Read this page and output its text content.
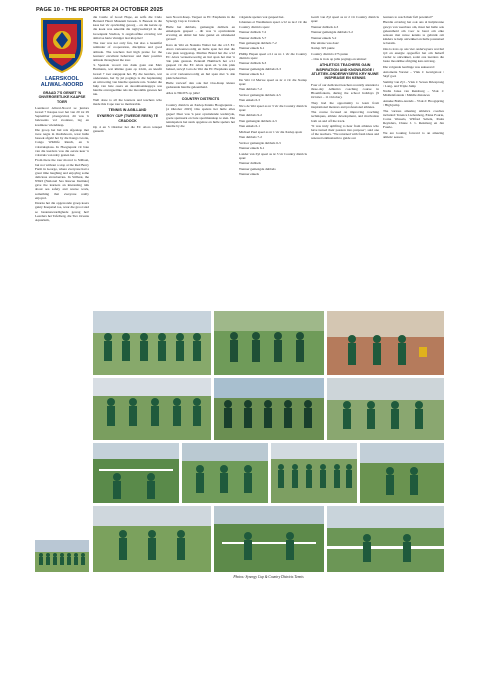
PAGE 10 - THE REPORTER 24 OCTOBER 2025
LAERSKOOL ALIWAL-NOORD
GRAAD 7'S GENIET 'N ONVERGEETLIKE KAAPSE TOER

Laerskool Aliwal-Noord se juniors Graad 7 Kaapse toer het van 20 tot 29 September plaasgevind, dit was 'n belewenis vol avonture, lag en kosmiese vriendskap.

Die groep het hul reis afgeskop met twee nagte in Oudtshoorn, waar hulle besoek afgelê het by die Kango Grotte, Cango Wildlife Ranch, en 'n volstruisplaas. In Hoogtepunt vir baie van die leerders was die eerste keer 'n volstruis van naby gesien het.

From there the tour moved to Stilbaai, but not without a stop at the Red Berry Farm in George, where everyone had a great time laughing and enjoying some delicious strawberries. In Stilbaai, the NSRI (National Sea Rescue Institute) gave the learners an interesting talk about sea safety and rescue work, something that everyone really enjoyed.

Daarna het die opgewonde groep koers gekry Kaapstad toe, waar die groot stad se besienswaardighede gewag het! Leerders het Tafelberg, die Two Oceans Aquarium,

die Castle of Good Hope, en selfs die Cielo Bernard Heart Museum besoek. 'n Besoek in die kaas het vir opwinding gesorg – en die kersie op die koek was sekerlik die rugbywedstryd in die Groenpunt Stadion, 'n ongelooflike ervaring wat almal se harte vinniger laat klop het!

The tour was not only fun, but also a beautiful reminder of cooperation, discipline and good attitude. The teachers had high praise for the learners' excellent behaviour and their positive attitude throughout the tour.

'n Spesiale woord van dank gaan aan Mev Hermann, wat kliënte gaan op 22cm, en kiesfit Graad 7 toer aangepak het. By die leerders, wat ondersteun, het by jul pogings is die beplanning en uitvoering van hierdie spesiale reis. Sonder die hulp van baie ouers en skoolmaatskappye sou hierdie onvergeetlike reis nie moontlik gewees het nie.

Well done to all the learners and teachers who made this Cape tour so memorable.

TENNIS IN AGB-LAND
SYNERGY CUP (TWEEDE REEN) TE CRADOCK

Op 4 en 5 Oktober het die EC Alors tenspel geneem

teen Noord-Kaap. Vergeet as EC Elephants in die Synergy Cup te Cradock.

Hulle het dubbels, gemengde dubbels en enkelspele gespeel – dit was 'n opwindende ervaring en almal het baie geniet en uitstekend gevaar!

Kara de Wet en Natasha Walter het die o/13 EC Alors verteenwoordig en hulle span het met die 1ste plek weggestap. Marlize Brand het die o/12 EC Alors verteenwoordig en hul span het met 'n 3de plek gestaan. Pennald Humbach het o/11 gespeel vir die EC Alors span en 'n 2de plek behaal, terwyl Lara de Wet die EC Elephants span as o/12 verteenwoordig en hul span met 'n 4de plek behaal het.

Hulle verwerf dan ook hul Oos-Kaap kleure gedurende hierdie geleentheid.

Alles is TROTS op julle!

COUNTRY DISTRICTS

Country districts en Xariep-Tennis Hoogtepunte – (4 Oktober 2025) Ons spelers het hulle alles gegee! Daar was 'n paar opwindende wedstryde, goeie spanwerk en baie sportmanskap te sien. Die tennispelers het sterk opgetree en hulle spelers het hierdie by die

volgende spelers wat gespeel het.

Johannes et Westhuizen speel o/12 as nr.2 vir die Country districts span:

Wenner dubbels 7-2

Wenner dubbels 5-7

Wen gemengde dubbels 7-2

Wenner enkels 6-1

Phillip Hepen speel o/11 as nr. 1 vir die Country districts span:

Wenner dubbels 6-3

Wenner gemengde dubbels 6-3

Wenner enkels 6-1

De Wet vd Merwe speel as nr 4 vir die Xariep span:

Wen dubbels 7-2

Verloor gemengde dubbels 4-5

Wen enkels 6-3

Nico de Wet speel as nr 3 vir die Country districts span:

Wen dubbels 9-2

Wen gemengde dubbels 4-3

Wen enkels 6-1

Michael Paul speel as nr 1 vir die Xariep span:

Wen dubbels 7-2

Verloor gemengde dubbels 6-3

Wenner enkels 6-1

Lander van Zyl speel as nr 3 vir Country districts span:

Wenner dubbels

Wenner gemengde dubbels

Wenner enkels

Gerrit van Zyl speel as nr 2 vir Country districts span:

Wenner dubbels 4-3

Wenner gemengde dubbels 5-2

Wenner enkels 5-2

Die uitslae was daar:

Xariep 325 punte

Country districts 275 punte

– Ons is trots op julle pogings en uitslae!

ATHLETICS TEACHERS GAIN INSPIRATION AND KNOWLEDGE / ATLETIEK-ONDERWYSERS KRY NUWE INSPIRASIE EN KENNIS

Four of our dedicated teachers recently attended a three-day Athletics coaching course in Bloemfontein, during the school holidays (9 October – 11 October).

They had the opportunity to learn from inspirational mentors and professional athletes.

The course focused on improving coaching techniques, athlete development, and motivation both on and off the track.

"It was truly uplifting to hear from athletes who have turned their passion into purpose", said one of the teachers. "We returned with fresh ideas and renewed enthusiasm to guide our

learners to reach their full potential!"

Hierdie ervaring het ook ons al hulpbronne gewys van weerbare om, maar het hulle ook geleentheid om voor te berei om elke seisoen met nuwe kennis te gebruik om kinders te help ontwikkel en hulle potensiaal te bereik.

Ons is trots op ons vier onderwysers wat hul tyd en energie opgeoffer het om hulself verder te ontwikkel, sodat ons leerders die beste moontlike afrigting kan ontvang.

Die volgende leerlinge was suksesvol:

Antoinette Vorster – Vlak 1: Gewigstoot / Skyf gooi

Sammy van Zyl – Vlak 1: Sewes Driesprong / Long- and Triple Jump

Nadia Janse van Rensburg – Vlak 1: Middelafstande / Middle distances

Anneke Botha-Arends – Vlak 2: Hoogspring / High jump

The various amazing athletics coaches included: Terence Liebenberg, Elana Fourie, Corne Wessels, Wilfred Sebela, Paula Reynders, Chane J. v. Rensburg en Jan Fourie.

We are looking forward to an amazing athletic season.

Photos: Synergy Cup & Country Districts Tennis
